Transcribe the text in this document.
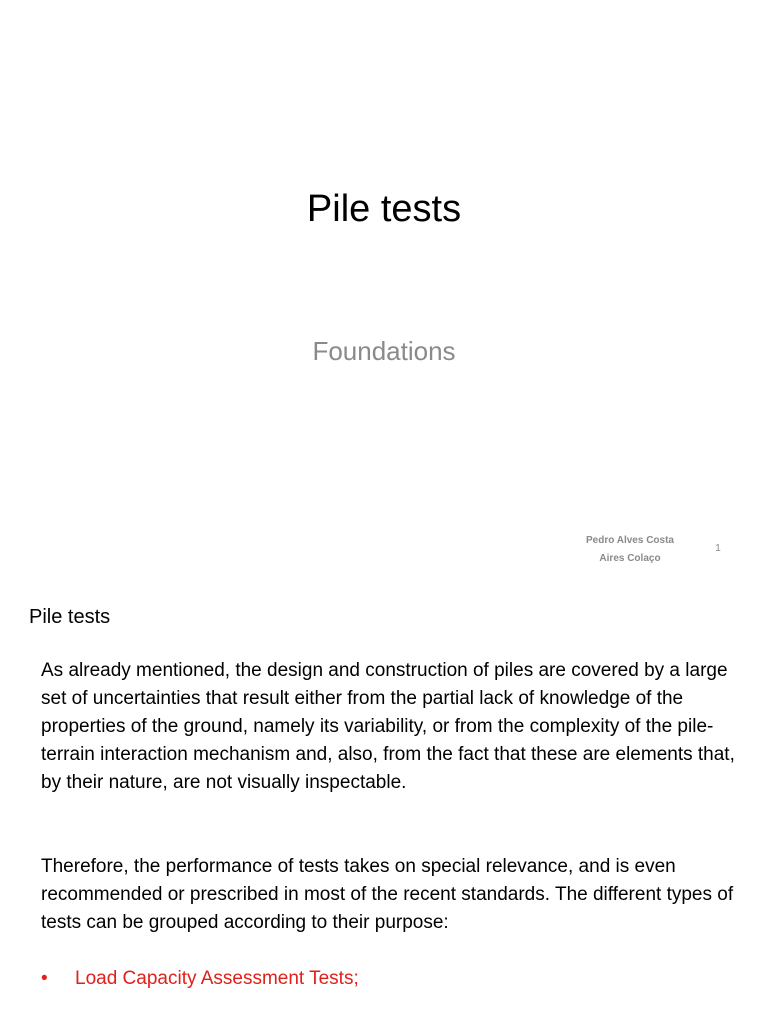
Pile tests
Foundations
Pedro Alves Costa
Aires Colaço
1
Pile tests
As already mentioned, the design and construction of piles are covered by a large set of uncertainties that result either from the partial lack of knowledge of the properties of the ground, namely its variability, or from the complexity of the pile-terrain interaction mechanism and, also, from the fact that these are elements that, by their nature, are not visually inspectable.
Therefore, the performance of tests takes on special relevance, and is even recommended or prescribed in most of the recent standards. The different types of tests can be grouped according to their purpose:
• Load Capacity Assessment Tests;
